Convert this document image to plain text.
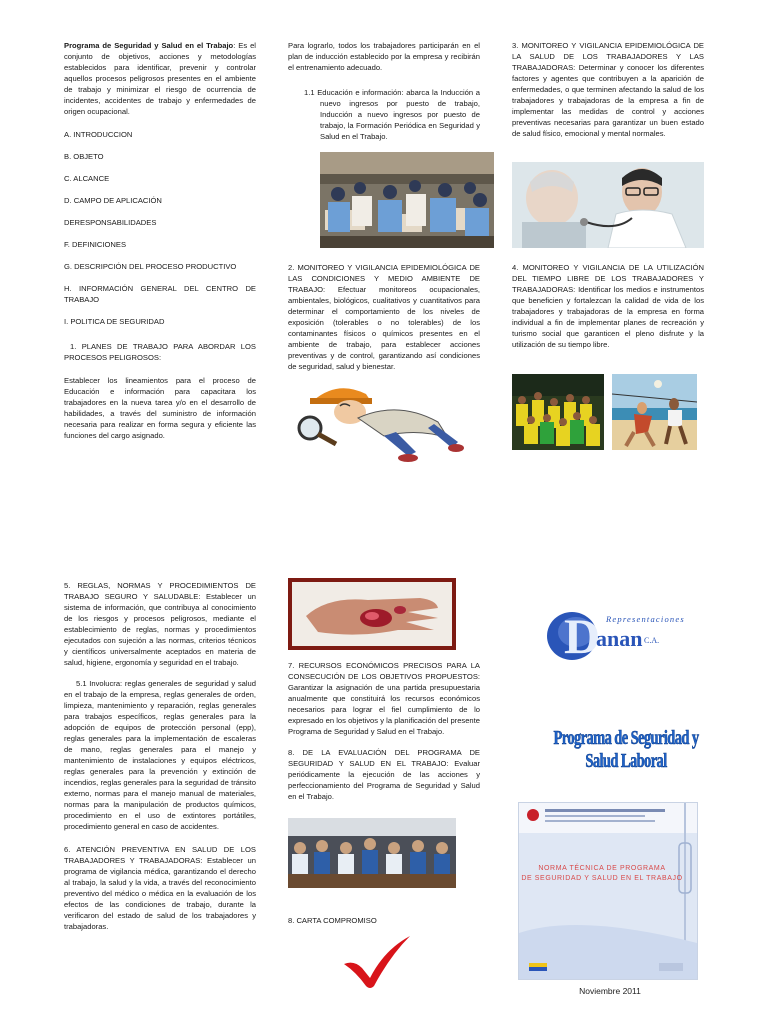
Programa de Seguridad y Salud en el Trabajo: Es el conjunto de objetivos, acciones y metodologías establecidos para identificar, prevenir y controlar aquellos procesos peligrosos presentes en el ambiente de trabajo y minimizar el riesgo de ocurrencia de incidentes, accidentes de trabajo y enfermedades de origen ocupacional.

A. INTRODUCCION

B. OBJETO

C. ALCANCE

D. CAMPO DE APLICACIÓN

DERESPONSABILIDADES

F. DEFINICIONES

G. DESCRIPCIÓN DEL PROCESO PRODUCTIVO

H. INFORMACIÓN GENERAL DEL CENTRO DE TRABAJO

I. POLITICA DE SEGURIDAD

1. PLANES DE TRABAJO PARA ABORDAR LOS PROCESOS PELIGROSOS:

Establecer los lineamientos para el proceso de Educación e información para capacitara los trabajadores en la nueva tarea y/o en el desarrollo de habilidades, a través del suministro de información necesaria para realizar en forma segura y eficiente las funciones del cargo asignado.

Para lograrlo, todos los trabajadores participarán en el plan de inducción establecido por la empresa y recibirán el entrenamiento adecuado.

1.1 Educación e información: abarca la Inducción a nuevo ingresos por puesto de trabajo, Inducción a nuevo ingresos por puesto de trabajo, la Formación Periódica en Seguridad y Salud en el Trabajo.

2. MONITOREO Y VIGILANCIA EPIDEMIOLÓGICA DE LAS CONDICIONES Y MEDIO AMBIENTE DE TRABAJO: Efectuar monitoreos ocupacionales, ambientales, biológicos, cualitativos y cuantitativos para determinar el comportamiento de los niveles de exposición (tolerables o no tolerables) de los contaminantes físicos o químicos presentes en el ambiente de trabajo, para establecer acciones preventivas y de control, garantizando así condiciones de seguridad, salud y bienestar.

3. MONITOREO Y VIGILANCIA EPIDEMIOLÓGICA DE LA SALUD DE LOS TRABAJADORES Y LAS TRABAJADORAS: Determinar y conocer los diferentes factores y agentes que contribuyen a la aparición de enfermedades, o que terminen afectando la salud de los trabajadores y trabajadoras de la empresa a fin de implementar las medidas de control y acciones preventivas necesarias para garantizar un buen estado de salud físico, emocional y mental normales.

4. MONITOREO Y VIGILANCIA DE LA UTILIZACIÓN DEL TIEMPO LIBRE DE LOS TRABAJADORES Y TRABAJADORAS: Identificar los medios e instrumentos que beneficien y fortalezcan la calidad de vida de los trabajadores y trabajadoras de la empresa en forma individual a fin de implementar planes de recreación y turismo social que garanticen el pleno disfrute y la utilización de su tiempo libre.

5. REGLAS, NORMAS Y PROCEDIMIENTOS DE TRABAJO SEGURO Y SALUDABLE: Establecer un sistema de información, que contribuya al conocimiento de los riesgos y procesos peligrosos, mediante el establecimiento de reglas, normas y procedimientos ejecutados con sujeción a las normas, criterios técnicos y científicos universalmente aceptados en materia de salud, higiene, ergonomía y seguridad en el trabajo.

5.1 Involucra: reglas generales de seguridad y salud en el trabajo de la empresa, reglas generales de orden, limpieza, mantenimiento y reparación, reglas generales para trabajos específicos, reglas generales para la adopción de equipos de protección personal (epp), reglas generales para la implementación de escaleras de mano, reglas generales para el manejo y mantenimiento de instalaciones y equipos eléctricos, reglas generales para la prevención y extinción de incendios, reglas generales para la seguridad de tránsito externo, normas para el manejo manual de materiales, normas para la manipulación de productos químicos, procedimiento en el uso de extintores portátiles, procedimiento general en caso de accidentes.

6. ATENCIÓN PREVENTIVA EN SALUD DE LOS TRABAJADORES Y TRABAJADORAS: Establecer un programa de vigilancia médica, garantizando el derecho al trabajo, la salud y la vida, a través del reconocimiento preventivo del médico o médica en la evaluación de los efectos de las condiciones de trabajo, durante la verificaron del estado de salud de los trabajadores y trabajadoras.

7. RECURSOS ECONÓMICOS PRECISOS PARA LA CONSECUCIÓN DE LOS OBJETIVOS PROPUESTOS: Garantizar la asignación de una partida presupuestaria anualmente que constituirá los recursos económicos necesarios para lograr el fiel cumplimiento de lo expresado en los objetivos y la planificación del presente Programa de Seguridad y Salud en el Trabajo.

8. DE LA EVALUACIÓN DEL PROGRAMA DE SEGURIDAD Y SALUD EN EL TRABAJO: Evaluar periódicamente la ejecución de las acciones y perfeccionamiento del Programa de Seguridad y Salud en el Trabajo.

8. CARTA COMPROMISO

D Representaciones
anan C.A.
Programa de Seguridad y Salud Laboral
NORMA TÉCNICA DE PROGRAMA
DE SEGURIDAD Y SALUD EN EL TRABAJO
Noviembre 2011
